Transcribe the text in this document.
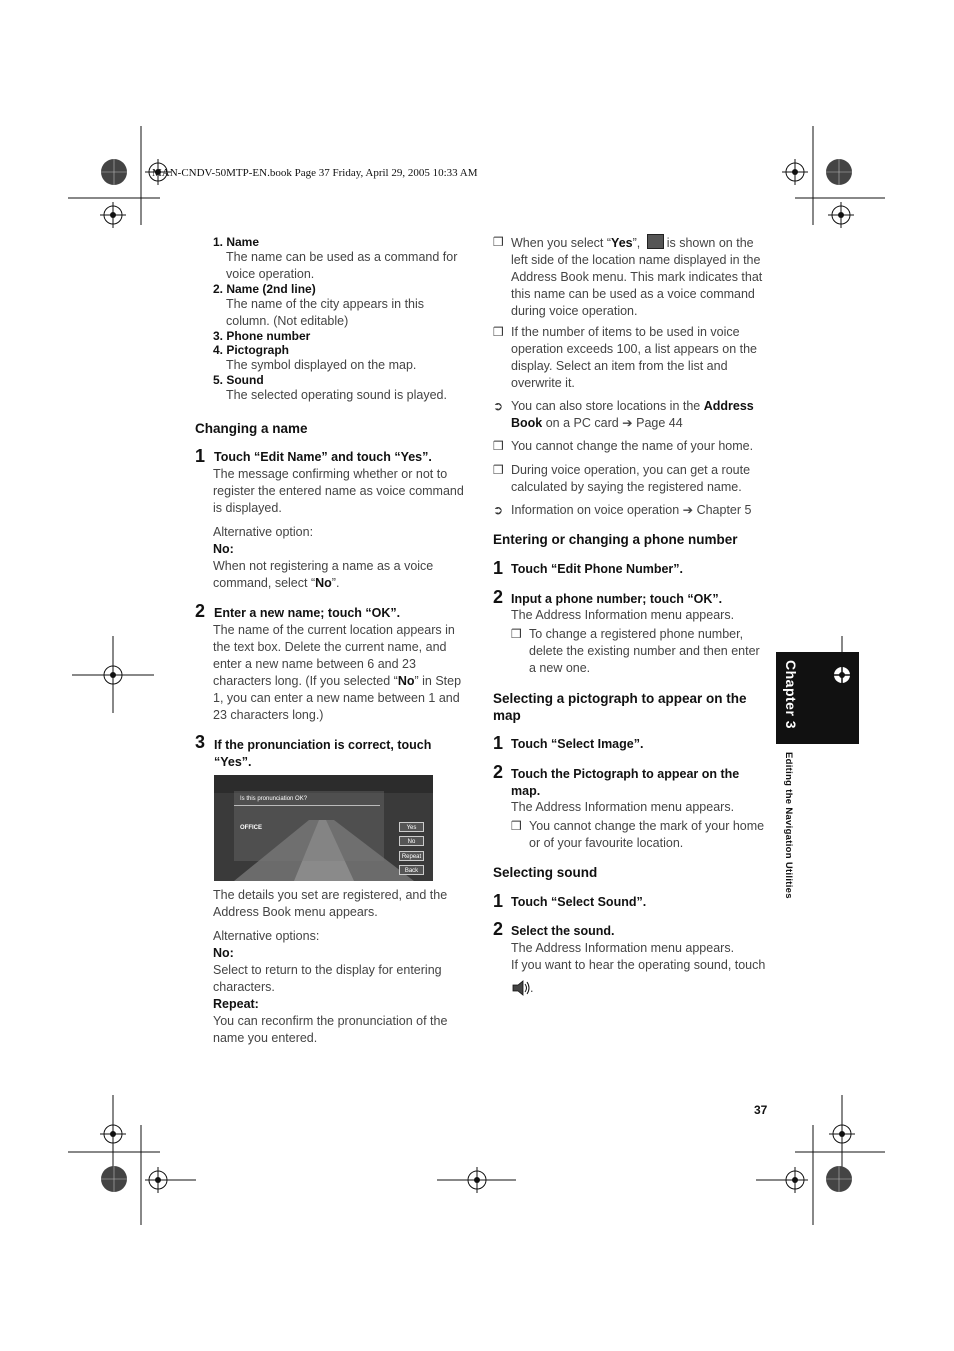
MAN-CNDV-50MTP-EN.book Page 37 Friday, April 29, 2005 10:33 AM
1. Name
The name can be used as a command for
voice operation.
2. Name (2nd line)
The name of the city appears in this
column. (Not editable)
3. Phone number
4. Pictograph
The symbol displayed on the map.
5. Sound
The selected operating sound is played.
Changing a name
1 Touch “Edit Name” and touch “Yes”.
The message confirming whether or not to
register the entered name as voice command
is displayed.
Alternative option:
No:
When not registering a name as a voice
command, select “No”.
2 Enter a new name; touch “OK”.
The name of the current location appears in
the text box. Delete the current name, and
enter a new name between 6 and 23
characters long. (If you selected “No” in Step
1, you can enter a new name between 1 and
23 characters long.)
3 If the pronunciation is correct, touch
“Yes”.
Is this pronunciation OK?
OFFICE	Yes
No
Repeat
Back
The details you set are registered, and the
Address Book menu appears.
Alternative options:
No:
Select to return to the display for entering
characters.
Repeat:
You can reconfirm the pronunciation of the
name you entered.
❒ When you select “Yes”, is shown on the
left side of the location name displayed in the
Address Book menu. This mark indicates that
this name can be used as a voice command
during voice operation.
❒ If the number of items to be used in voice
operation exceeds 100, a list appears on the
display. Select an item from the list and
overwrite it.
➲ You can also store locations in the Address
Book on a PC card ➔ Page 44
❒ You cannot change the name of your home.
❒ During voice operation, you can get a route
calculated by saying the registered name.
➲ Information on voice operation ➔ Chapter 5
Entering or changing a phone number
1 Touch “Edit Phone Number”.
2 Input a phone number; touch “OK”.
The Address Information menu appears.
❒ To change a registered phone number,
delete the existing number and then enter
a new one.
Selecting a pictograph to appear on the
map
1 Touch “Select Image”.
2 Touch the Pictograph to appear on the
map.
The Address Information menu appears.
❒ You cannot change the mark of your home
or of your favourite location.
Selecting sound
1 Touch “Select Sound”.
2 Select the sound.
The Address Information menu appears.
If you want to hear the operating sound, touch
.
Chapter 3
Editing the Navigation Utilities
37
